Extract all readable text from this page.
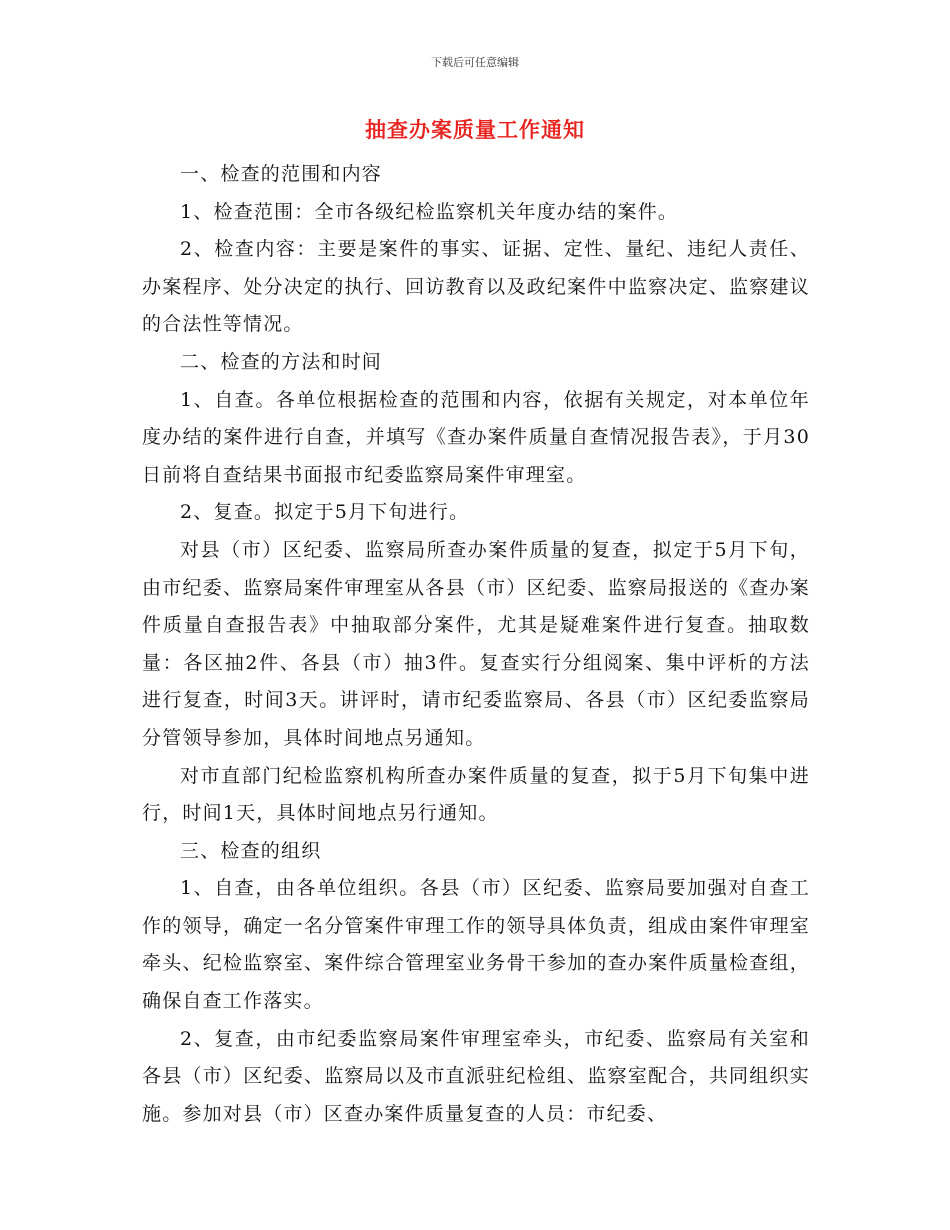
下载后可任意编辑
抽查办案质量工作通知

一、检查的范围和内容

1、检查范围：全市各级纪检监察机关年度办结的案件。

2、检查内容：主要是案件的事实、证据、定性、量纪、违纪人责任、办案程序、处分决定的执行、回访教育以及政纪案件中监察决定、监察建议的合法性等情况。

二、检查的方法和时间

1、自查。各单位根据检查的范围和内容，依据有关规定，对本单位年度办结的案件进行自查，并填写《查办案件质量自查情况报告表》，于月30日前将自查结果书面报市纪委监察局案件审理室。

2、复查。拟定于5月下旬进行。

对县（市）区纪委、监察局所查办案件质量的复查，拟定于5月下旬，由市纪委、监察局案件审理室从各县（市）区纪委、监察局报送的《查办案件质量自查报告表》中抽取部分案件，尤其是疑难案件进行复查。抽取数量：各区抽2件、各县（市）抽3件。复查实行分组阅案、集中评析的方法进行复查，时间3天。讲评时，请市纪委监察局、各县（市）区纪委监察局分管领导参加，具体时间地点另通知。

对市直部门纪检监察机构所查办案件质量的复查，拟于5月下旬集中进行，时间1天，具体时间地点另行通知。

三、检查的组织

1、自查，由各单位组织。各县（市）区纪委、监察局要加强对自查工作的领导，确定一名分管案件审理工作的领导具体负责，组成由案件审理室牵头、纪检监察室、案件综合管理室业务骨干参加的查办案件质量检查组，确保自查工作落实。

2、复查，由市纪委监察局案件审理室牵头，市纪委、监察局有关室和各县（市）区纪委、监察局以及市直派驻纪检组、监察室配合，共同组织实施。参加对县（市）区查办案件质量复查的人员：市纪委、
